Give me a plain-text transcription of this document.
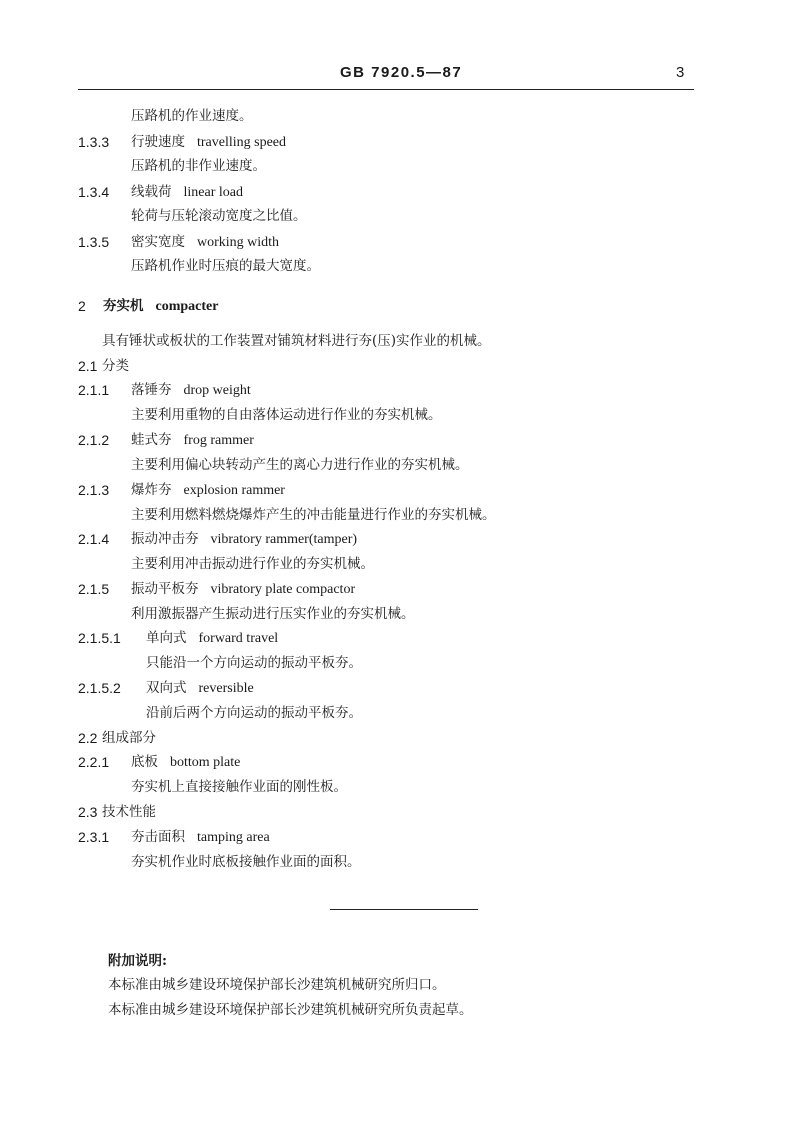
GB 7920.5—87	3
压路机的作业速度。
1.3.3 行驶速度 travelling speed
压路机的非作业速度。
1.3.4 线载荷 linear load
轮荷与压轮滚动宽度之比值。
1.3.5 密实宽度 working width
压路机作业时压痕的最大宽度。
2 夯实机 compacter
具有锤状或板状的工作装置对铺筑材料进行夯(压)实作业的机械。
2.1 分类
2.1.1 落锤夯 drop weight
主要利用重物的自由落体运动进行作业的夯实机械。
2.1.2 蛙式夯 frog rammer
主要利用偏心块转动产生的离心力进行作业的夯实机械。
2.1.3 爆炸夯 explosion rammer
主要利用燃料燃烧爆炸产生的冲击能量进行作业的夯实机械。
2.1.4 振动冲击夯 vibratory rammer(tamper)
主要利用冲击振动进行作业的夯实机械。
2.1.5 振动平板夯 vibratory plate compactor
利用激振器产生振动进行压实作业的夯实机械。
2.1.5.1 单向式 forward travel
只能沿一个方向运动的振动平板夯。
2.1.5.2 双向式 reversible
沿前后两个方向运动的振动平板夯。
2.2 组成部分
2.2.1 底板 bottom plate
夯实机上直接接触作业面的刚性板。
2.3 技术性能
2.3.1 夯击面积 tamping area
夯实机作业时底板接触作业面的面积。
附加说明:
本标准由城乡建设环境保护部长沙建筑机械研究所归口。
本标准由城乡建设环境保护部长沙建筑机械研究所负责起草。
